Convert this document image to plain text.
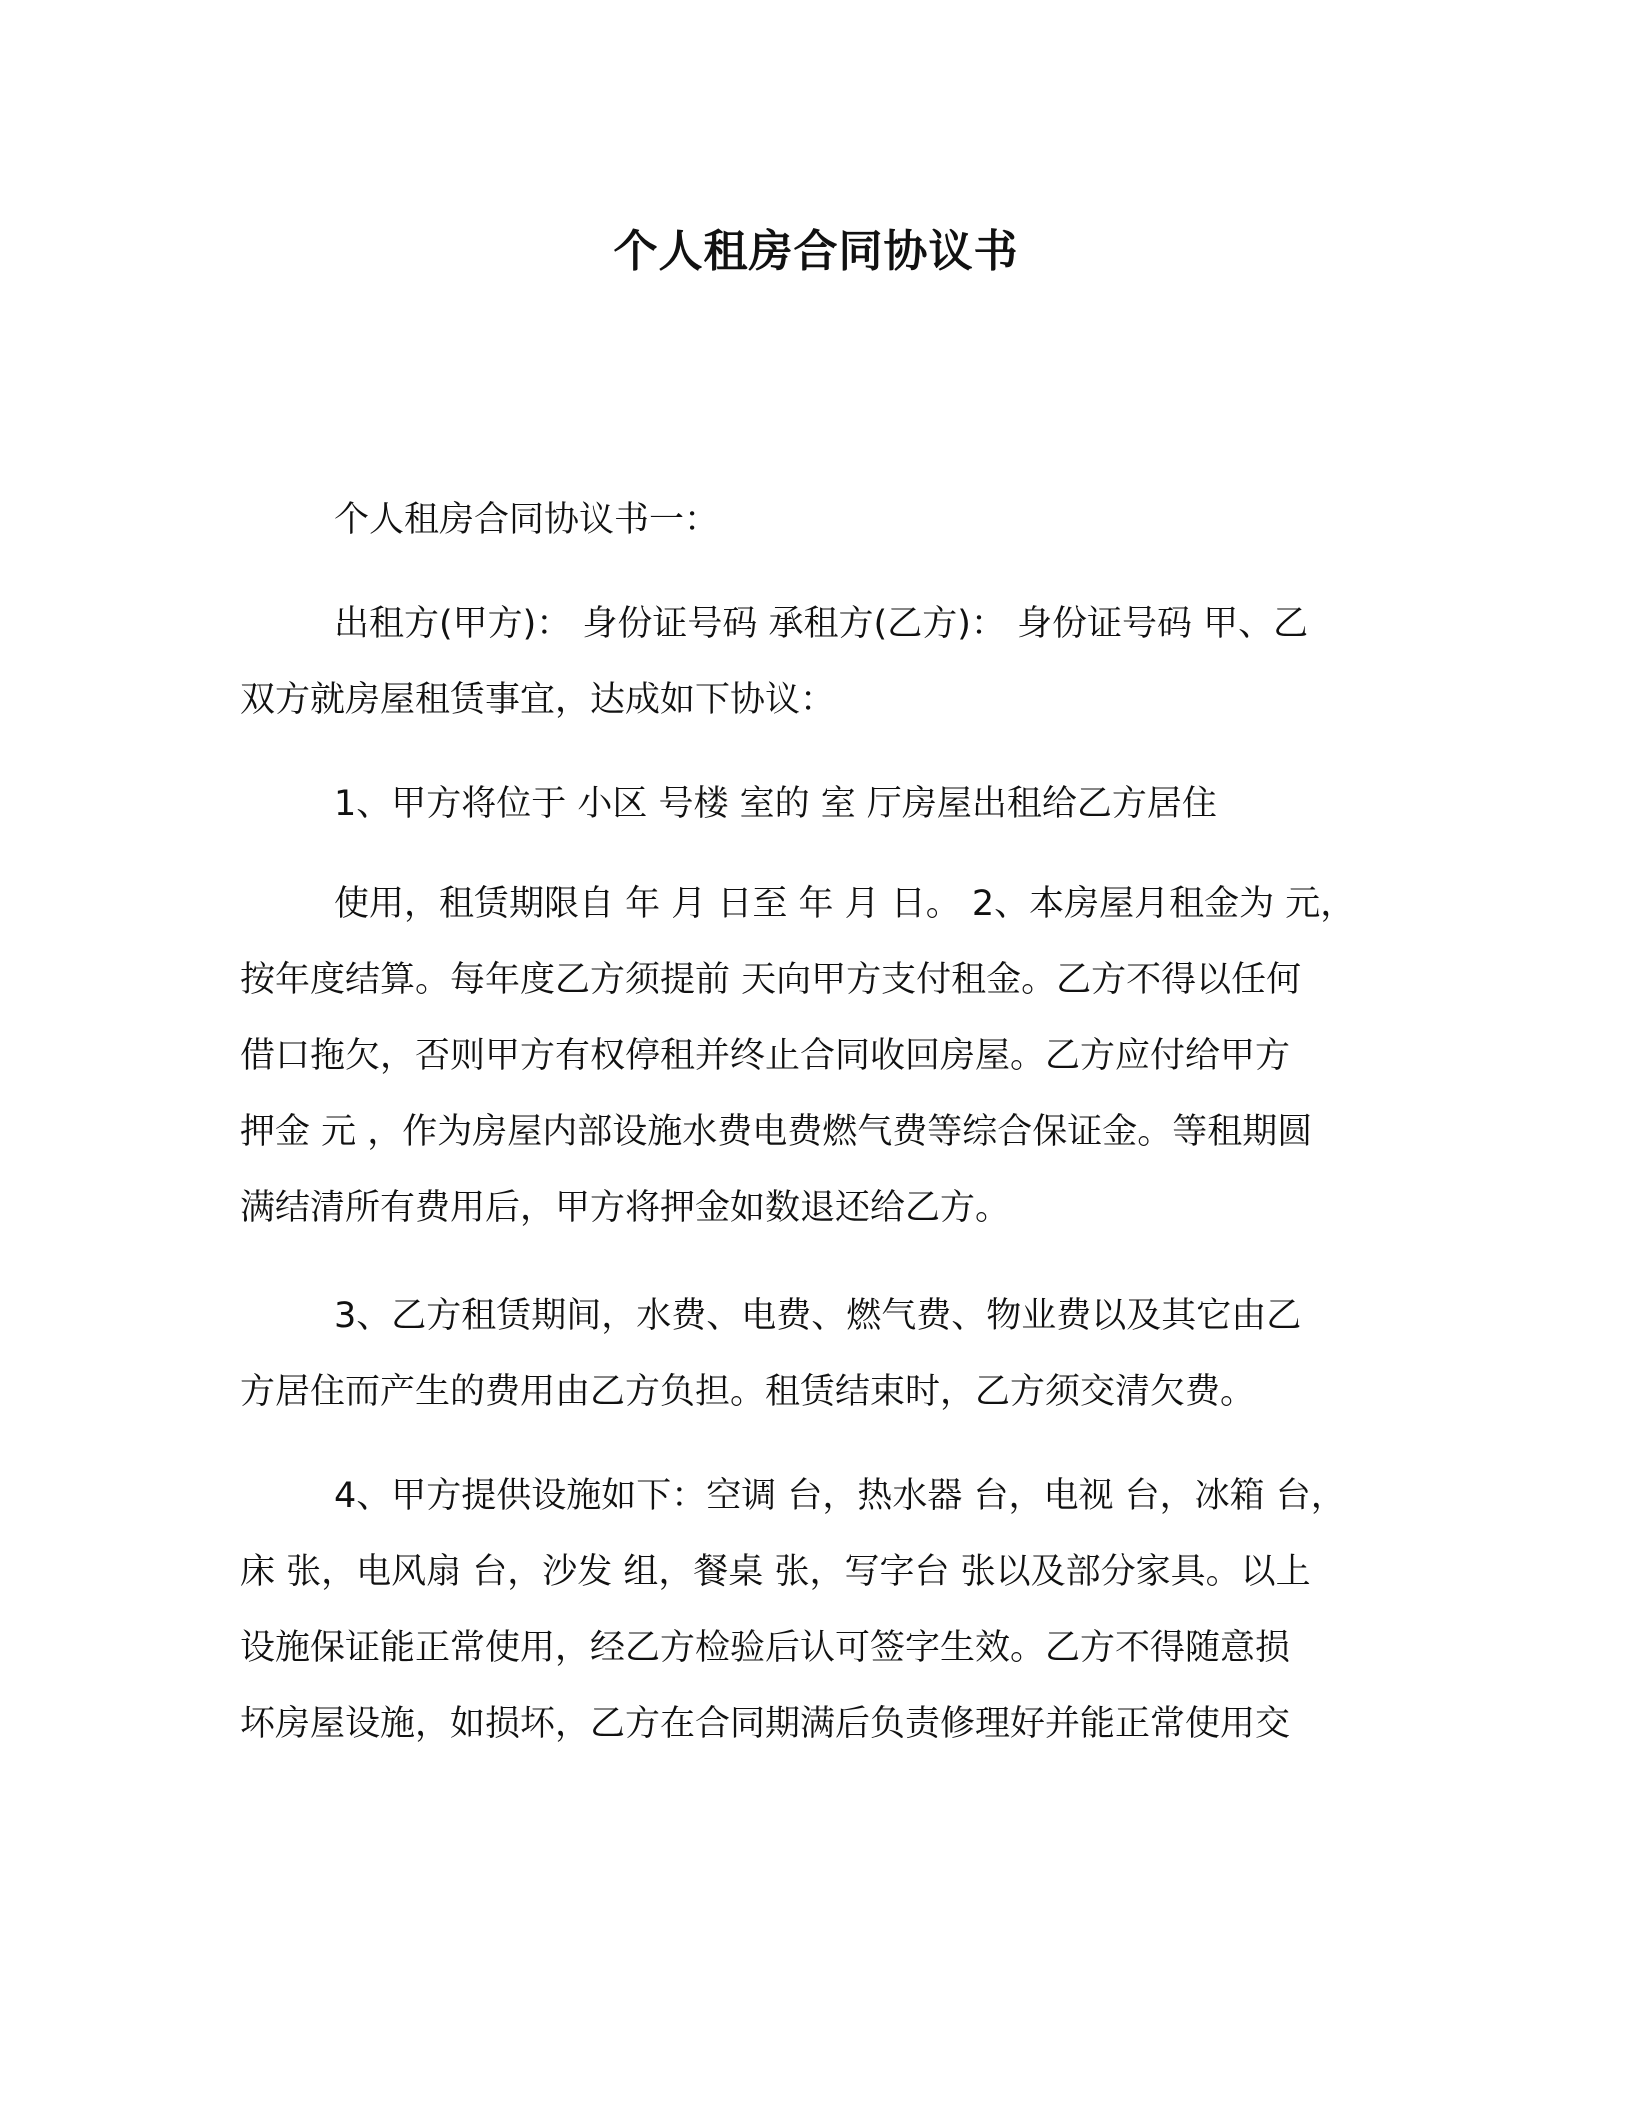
个人租房合同协议书
个人租房合同协议书一：
出租方(甲方)： 身份证号码 承租方(乙方)： 身份证号码 甲、乙
双方就房屋租赁事宜，达成如下协议：
1、甲方将位于 小区 号楼 室的 室 厅房屋出租给乙方居住
使用，租赁期限自 年 月 日至 年 月 日。 2、本房屋月租金为 元，
按年度结算。每年度乙方须提前 天向甲方支付租金。乙方不得以任何
借口拖欠，否则甲方有权停租并终止合同收回房屋。乙方应付给甲方
押金 元 ，作为房屋内部设施水费电费燃气费等综合保证金。等租期圆
满结清所有费用后，甲方将押金如数退还给乙方。
3、乙方租赁期间，水费、电费、燃气费、物业费以及其它由乙
方居住而产生的费用由乙方负担。租赁结束时，乙方须交清欠费。
4、甲方提供设施如下：空调 台，热水器 台，电视 台，冰箱 台，
床 张，电风扇 台，沙发 组，餐桌 张，写字台 张以及部分家具。以上
设施保证能正常使用，经乙方检验后认可签字生效。乙方不得随意损
坏房屋设施，如损坏，乙方在合同期满后负责修理好并能正常使用交
